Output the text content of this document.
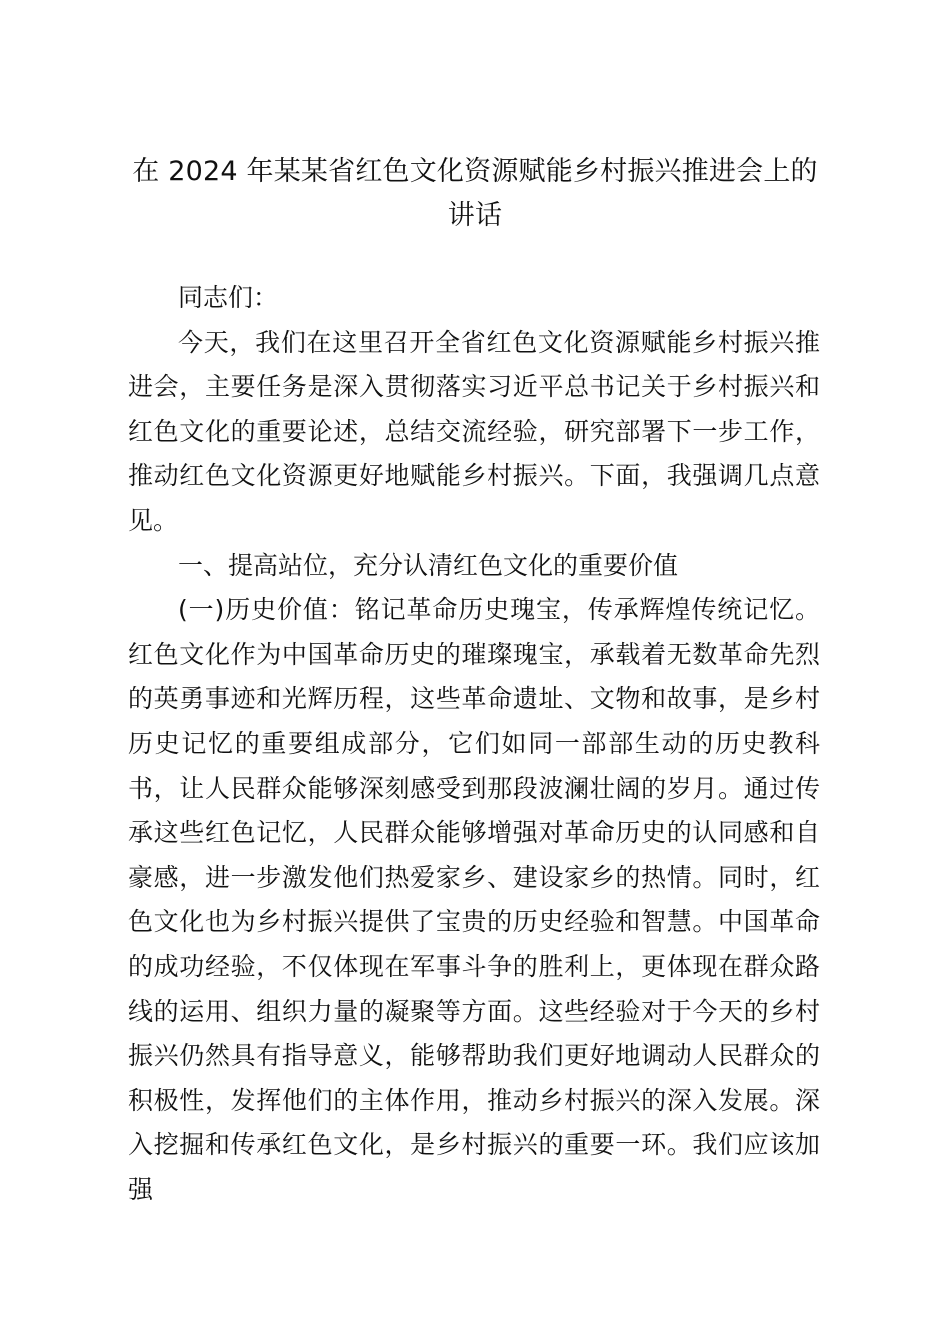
在 2024 年某某省红色文化资源赋能乡村振兴推进会上的讲话

同志们：

今天，我们在这里召开全省红色文化资源赋能乡村振兴推进会，主要任务是深入贯彻落实习近平总书记关于乡村振兴和红色文化的重要论述，总结交流经验，研究部署下一步工作，推动红色文化资源更好地赋能乡村振兴。下面，我强调几点意见。

一、提高站位，充分认清红色文化的重要价值

(一)历史价值：铭记革命历史瑰宝，传承辉煌传统记忆。红色文化作为中国革命历史的璀璨瑰宝，承载着无数革命先烈的英勇事迹和光辉历程，这些革命遗址、文物和故事，是乡村历史记忆的重要组成部分，它们如同一部部生动的历史教科书，让人民群众能够深刻感受到那段波澜壮阔的岁月。通过传承这些红色记忆，人民群众能够增强对革命历史的认同感和自豪感，进一步激发他们热爱家乡、建设家乡的热情。同时，红色文化也为乡村振兴提供了宝贵的历史经验和智慧。中国革命的成功经验，不仅体现在军事斗争的胜利上，更体现在群众路线的运用、组织力量的凝聚等方面。这些经验对于今天的乡村振兴仍然具有指导意义，能够帮助我们更好地调动人民群众的积极性，发挥他们的主体作用，推动乡村振兴的深入发展。深入挖掘和传承红色文化，是乡村振兴的重要一环。我们应该加强
